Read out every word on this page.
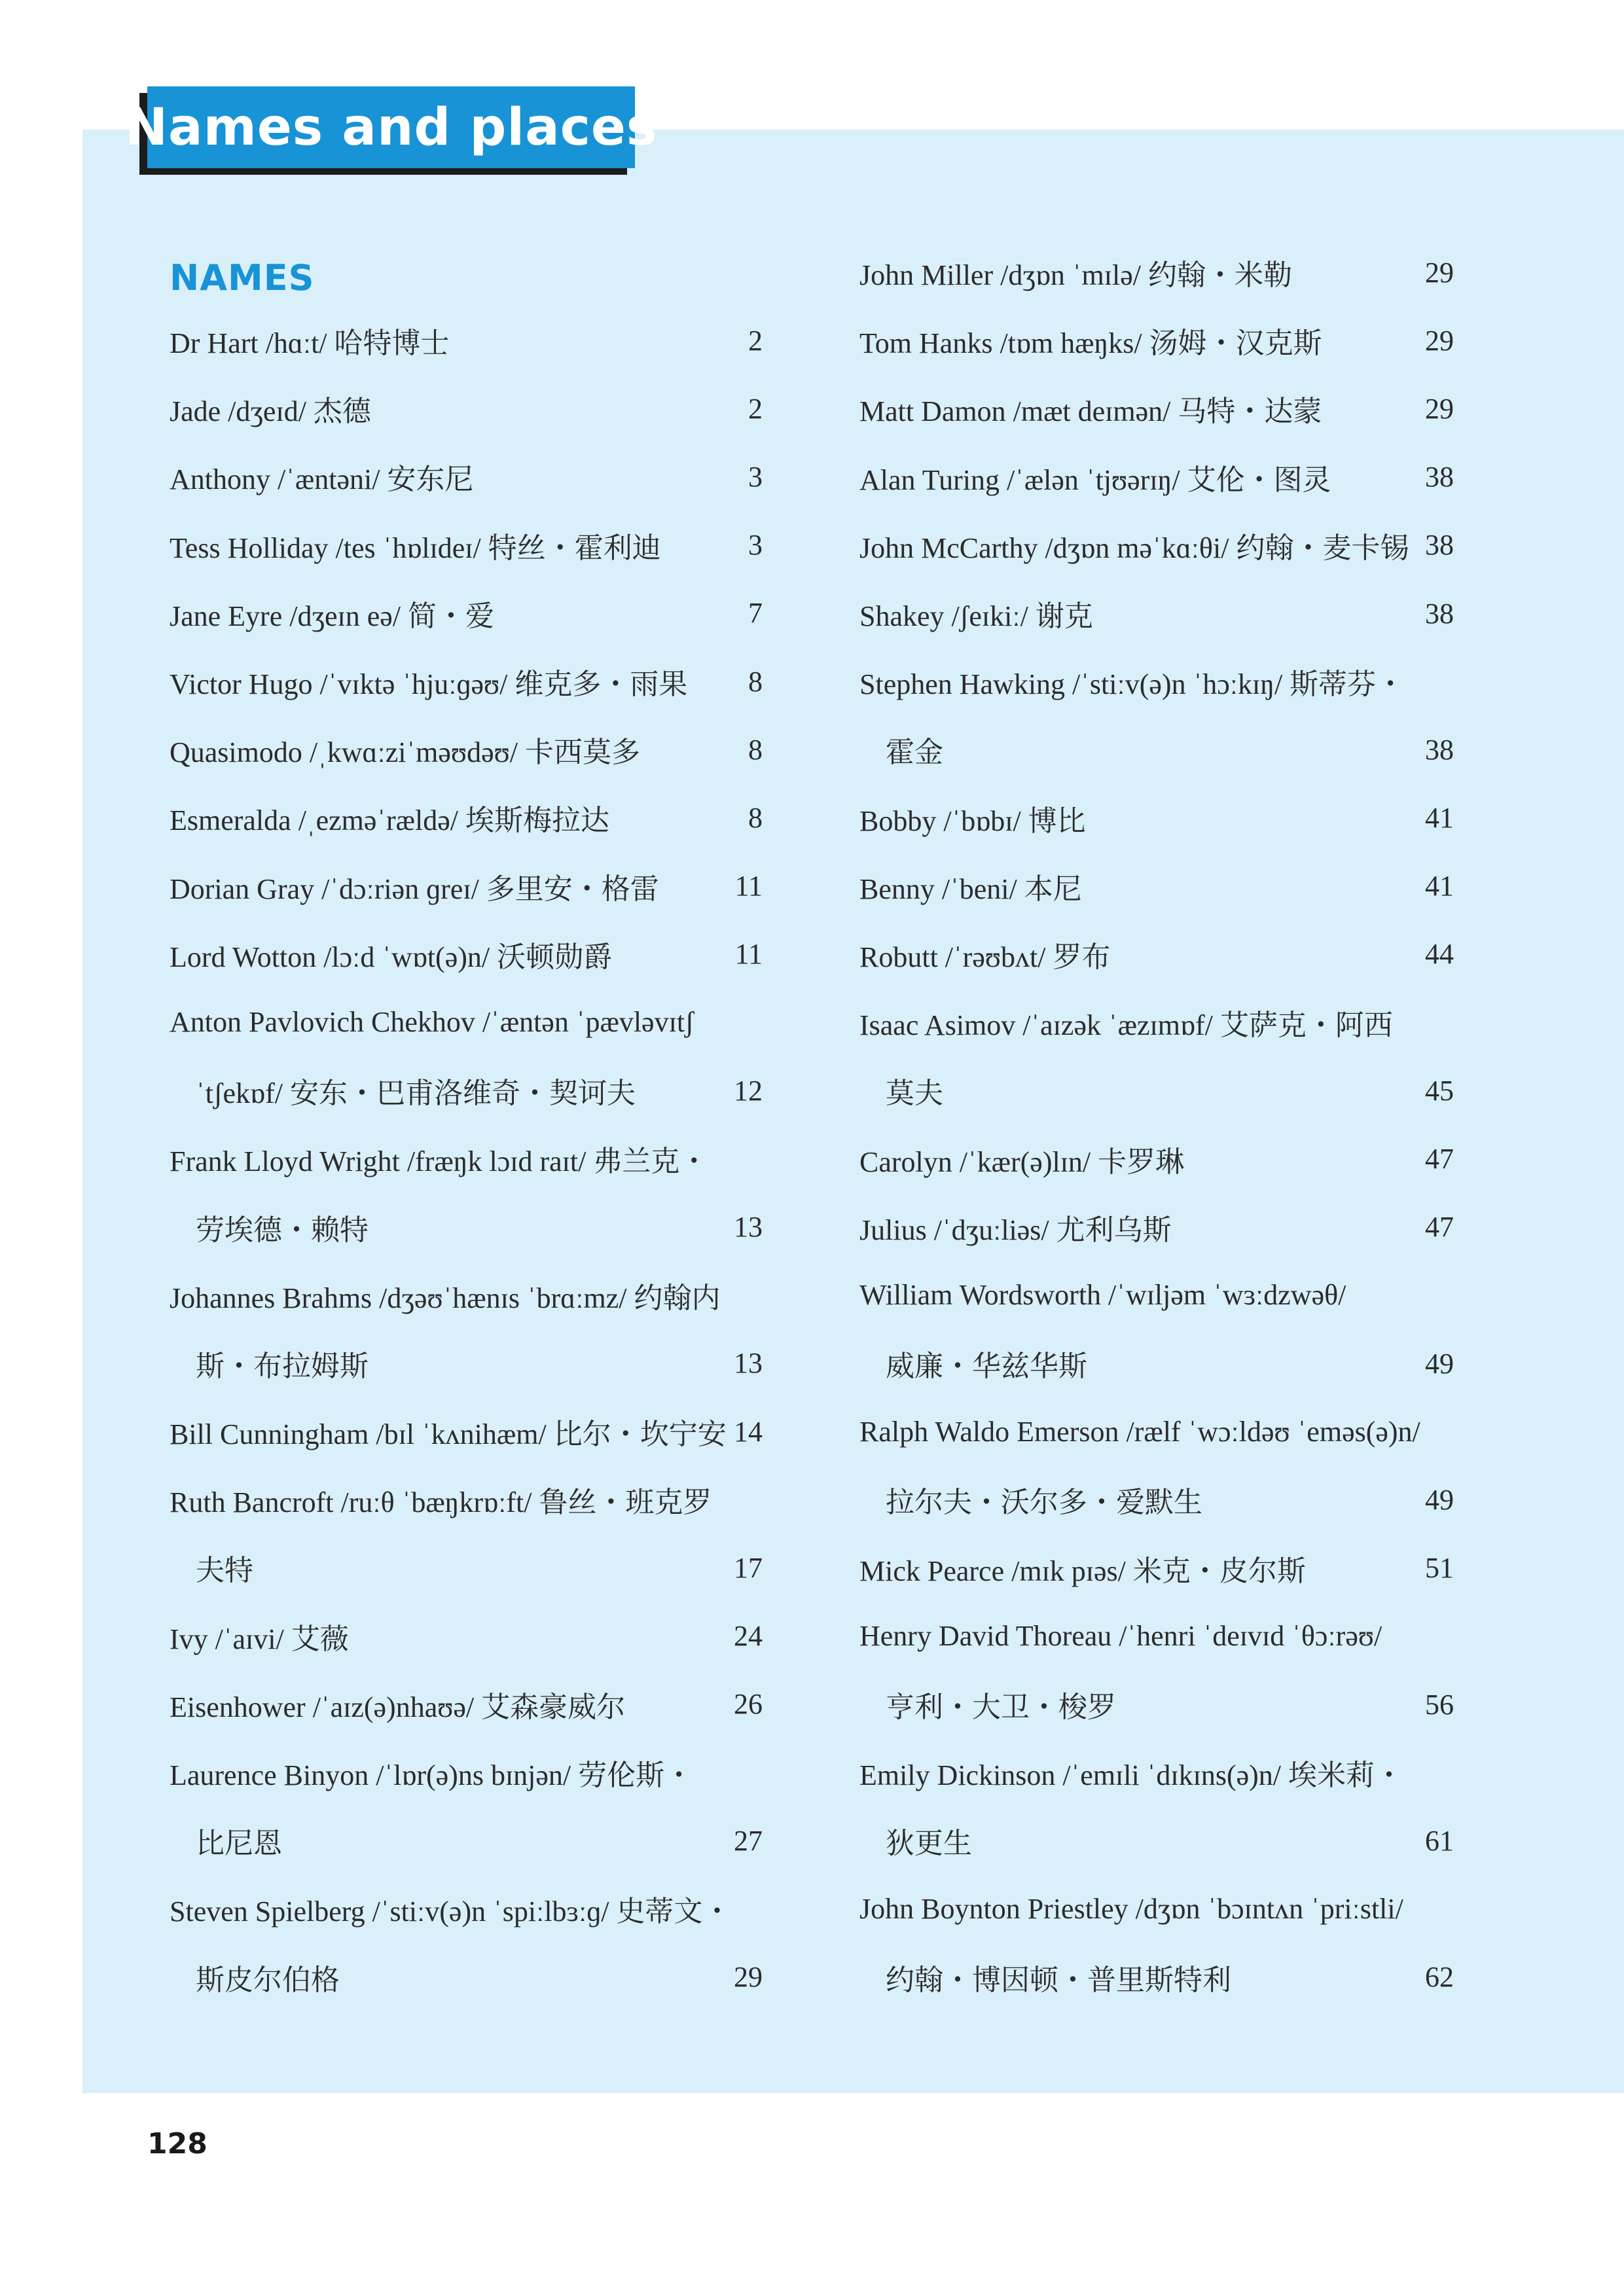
Names and places
NAMES
Dr Hart /hɑːt/ 哈特博士	2
Jade /dʒeɪd/ 杰德	2
Anthony /ˈæntəni/ 安东尼	3
Tess Holliday /tes ˈhɒlɪdeɪ/ 特丝・霍利迪	3
Jane Eyre /dʒeɪn eə/ 简・爱	7
Victor Hugo /ˈvɪktə ˈhjuːɡəʊ/ 维克多・雨果 8
Quasimodo /ˌkwɑːziˈməʊdəʊ/ 卡西莫多	8
Esmeralda /ˌezməˈrældə/ 埃斯梅拉达	8
Dorian Gray /ˈdɔːriən ɡreɪ/ 多里安・格雷	11
Lord Wotton /lɔːd ˈwɒt(ə)n/ 沃顿勋爵	11
Anton Pavlovich Chekhov /ˈæntən ˈpævləvɪtʃ
ˈtʃekɒf/ 安东・巴甫洛维奇・契诃夫	12
Frank Lloyd Wright /fræŋk lɔɪd raɪt/ 弗兰克・
劳埃德・赖特	13
Johannes Brahms /dʒəʊˈhænɪs ˈbrɑːmz/ 约翰内
斯・布拉姆斯	13
Bill Cunningham /bɪl ˈkʌnihæm/ 比尔・坎宁安 14
Ruth Bancroft /ruːθ ˈbæŋkrɒːft/ 鲁丝・班克罗
夫特	17
Ivy /ˈaɪvi/ 艾薇	24
Eisenhower /ˈaɪz(ə)nhaʊə/ 艾森豪威尔	26
Laurence Binyon /ˈlɒr(ə)ns bɪnjən/ 劳伦斯・
比尼恩	27
Steven Spielberg /ˈstiːv(ə)n ˈspiːlbɜːɡ/ 史蒂文・
斯皮尔伯格	29
John Miller /dʒɒn ˈmɪlə/ 约翰・米勒	29
Tom Hanks /tɒm hæŋks/ 汤姆・汉克斯	29
Matt Damon /mæt deɪmən/ 马特・达蒙	29
Alan Turing /ˈælən ˈtjʊərɪŋ/ 艾伦・图灵	38
John McCarthy /dʒɒn məˈkɑːθi/ 约翰・麦卡锡 38
Shakey /ʃeɪkiː/ 谢克	38
Stephen Hawking /ˈstiːv(ə)n ˈhɔːkɪŋ/ 斯蒂芬・
霍金	38
Bobby /ˈbɒbɪ/ 博比	41
Benny /ˈbeni/ 本尼	41
Robutt /ˈrəʊbʌt/ 罗布	44
Isaac Asimov /ˈaɪzək ˈæzɪmɒf/ 艾萨克・阿西
莫夫	45
Carolyn /ˈkær(ə)lɪn/ 卡罗琳	47
Julius /ˈdʒuːliəs/ 尤利乌斯	47
William Wordsworth /ˈwɪljəm ˈwɜːdzwəθ/
威廉・华兹华斯	49
Ralph Waldo Emerson /rælf ˈwɔːldəʊ ˈeməs(ə)n/
拉尔夫・沃尔多・爱默生	49
Mick Pearce /mɪk pɪəs/ 米克・皮尔斯	51
Henry David Thoreau /ˈhenri ˈdeɪvɪd ˈθɔːrəʊ/
亨利・大卫・梭罗	56
Emily Dickinson /ˈemɪli ˈdɪkɪns(ə)n/ 埃米莉・
狄更生	61
John Boynton Priestley /dʒɒn ˈbɔɪntʌn ˈpriːstli/
约翰・博因顿・普里斯特利	62
128
